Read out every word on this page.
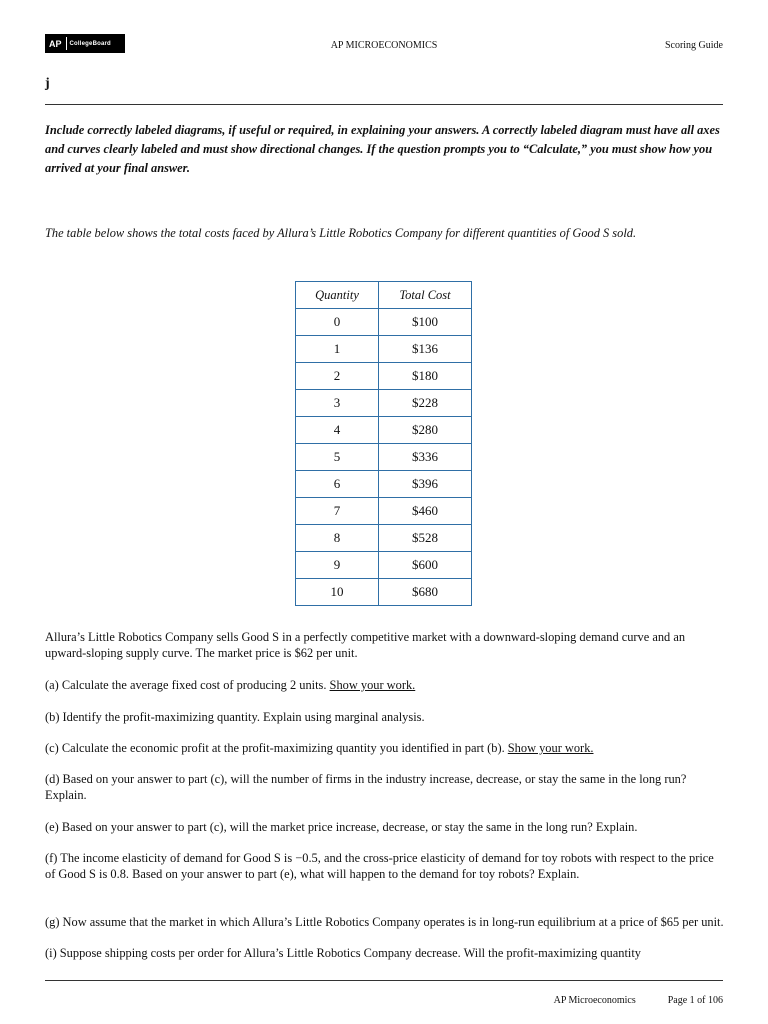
AP	CollegeBoard	AP MICROECONOMICS	Scoring Guide
j

Include correctly labeled diagrams, if useful or required, in explaining your answers. A correctly labeled diagram must have all axes and curves clearly labeled and must show directional changes. If the question prompts you to “Calculate,” you must show how you arrived at your final answer.

The table below shows the total costs faced by Allura’s Little Robotics Company for different quantities of Good S sold.

Quantity	Total Cost
0	$100
1	$136
2	$180
3	$228
4	$280
5	$336
6	$396
7	$460
8	$528
9	$600
10	$680

Allura’s Little Robotics Company sells Good S in a perfectly competitive market with a downward-sloping demand curve and an upward-sloping supply curve. The market price is $62 per unit.

(a) Calculate the average fixed cost of producing 2 units. Show your work.

(b) Identify the profit-maximizing quantity. Explain using marginal analysis.

(c) Calculate the economic profit at the profit-maximizing quantity you identified in part (b). Show your work.

(d) Based on your answer to part (c), will the number of firms in the industry increase, decrease, or stay the same in the long run? Explain.

(e) Based on your answer to part (c), will the market price increase, decrease, or stay the same in the long run? Explain.

(f) The income elasticity of demand for Good S is −0.5, and the cross-price elasticity of demand for toy robots with respect to the price of Good S is 0.8. Based on your answer to part (e), what will happen to the demand for toy robots? Explain.

(g) Now assume that the market in which Allura’s Little Robotics Company operates is in long-run equilibrium at a price of $65 per unit.

(i) Suppose shipping costs per order for Allura’s Little Robotics Company decrease. Will the profit-maximizing quantity

AP Microeconomics	Page 1 of 106
